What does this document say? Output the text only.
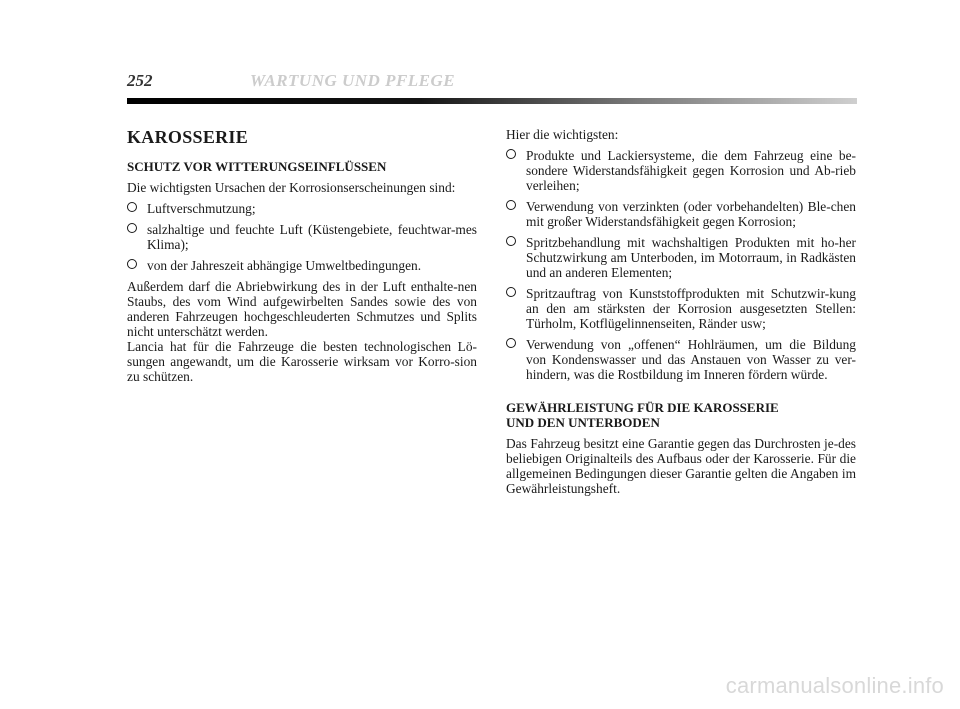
252	WARTUNG UND PFLEGE
KAROSSERIE
SCHUTZ VOR WITTERUNGSEINFLÜSSEN
Die wichtigsten Ursachen der Korrosionserscheinungen sind:
Luftverschmutzung;
salzhaltige und feuchte Luft (Küstengebiete, feuchtwar-mes Klima);
von der Jahreszeit abhängige Umweltbedingungen.
Außerdem darf die Abriebwirkung des in der Luft enthalte-nen Staubs, des vom Wind aufgewirbelten Sandes sowie des von anderen Fahrzeugen hochgeschleuderten Schmutzes und Splits nicht unterschätzt werden.
Lancia hat für die Fahrzeuge die besten technologischen Lö-sungen angewandt, um die Karosserie wirksam vor Korro-sion zu schützen.
Hier die wichtigsten:
Produkte und Lackiersysteme, die dem Fahrzeug eine be-sondere Widerstandsfähigkeit gegen Korrosion und Ab-rieb verleihen;
Verwendung von verzinkten (oder vorbehandelten) Ble-chen mit großer Widerstandsfähigkeit gegen Korrosion;
Spritzbehandlung mit wachshaltigen Produkten mit ho-her Schutzwirkung am Unterboden, im Motorraum, in Radkästen und an anderen Elementen;
Spritzauftrag von Kunststoffprodukten mit Schutzwir-kung an den am stärksten der Korrosion ausgesetzten Stellen: Türholm, Kotflügelinnenseiten, Ränder usw;
Verwendung von „offenen“ Hohlräumen, um die Bildung von Kondenswasser und das Anstauen von Wasser zu ver-hindern, was die Rostbildung im Inneren fördern würde.
GEWÄHRLEISTUNG FÜR DIE KAROSSERIE
UND DEN UNTERBODEN
Das Fahrzeug besitzt eine Garantie gegen das Durchrosten je-des beliebigen Originalteils des Aufbaus oder der Karosserie. Für die allgemeinen Bedingungen dieser Garantie gelten die Angaben im Gewährleistungsheft.
carmanualsonline.info
